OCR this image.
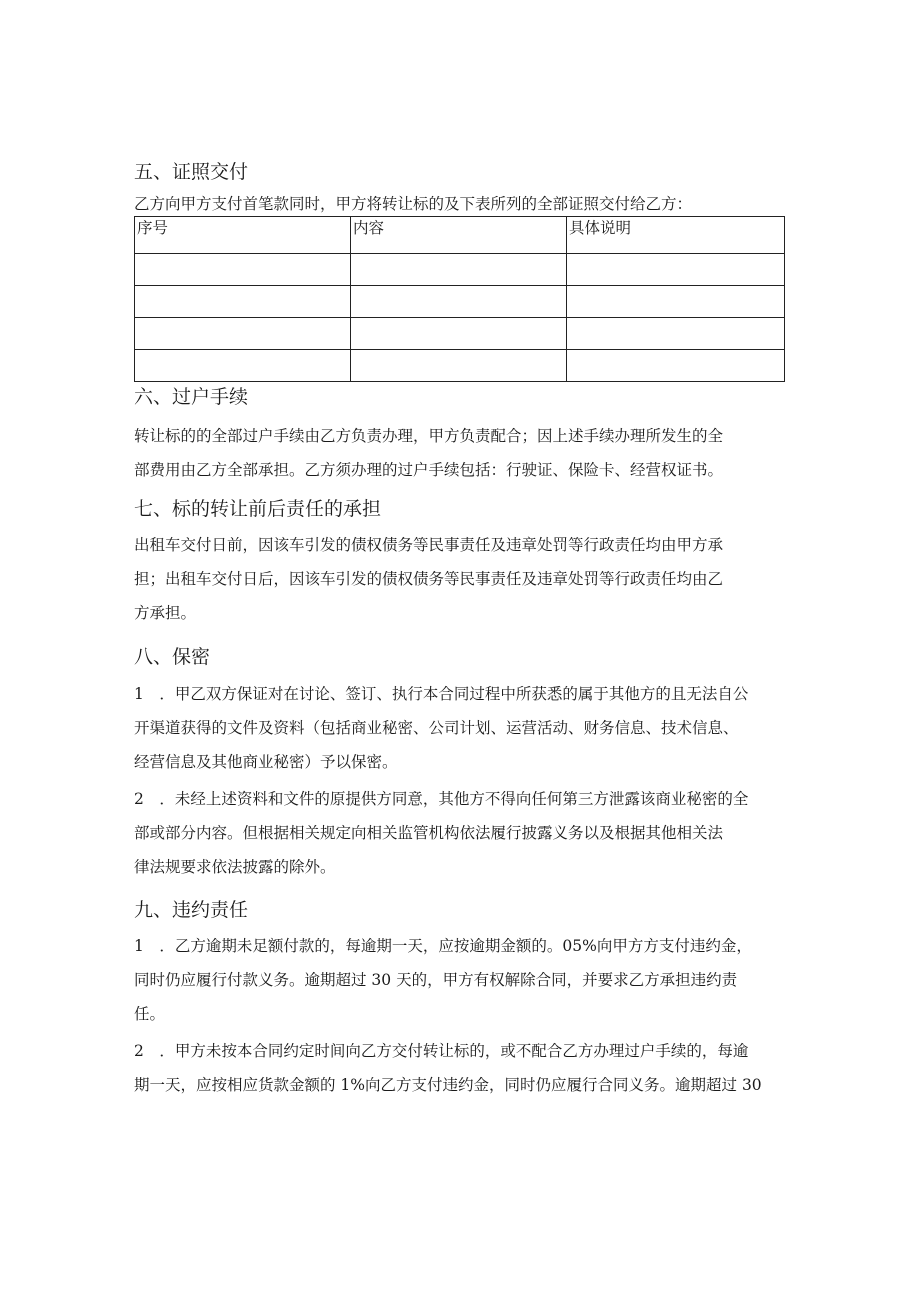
五、证照交付

乙方向甲方支付首笔款同时，甲方将转让标的及下表所列的全部证照交付给乙方：

序号	内容	具体说明

六、过户手续

转让标的的全部过户手续由乙方负责办理，甲方负责配合；因上述手续办理所发生的全

部费用由乙方全部承担。乙方须办理的过户手续包括：行驶证、保险卡、经营权证书。

七、标的转让前后责任的承担

出租车交付日前，因该车引发的债权债务等民事责任及违章处罚等行政责任均由甲方承

担；出租车交付日后，因该车引发的债权债务等民事责任及违章处罚等行政责任均由乙

方承担。

八、保密

1　．甲乙双方保证对在讨论、签订、执行本合同过程中所获悉的属于其他方的且无法自公

开渠道获得的文件及资料（包括商业秘密、公司计划、运营活动、财务信息、技术信息、

经营信息及其他商业秘密）予以保密。

2　．未经上述资料和文件的原提供方同意，其他方不得向任何第三方泄露该商业秘密的全

部或部分内容。但根据相关规定向相关监管机构依法履行披露义务以及根据其他相关法

律法规要求依法披露的除外。

九、违约责任

1　．乙方逾期未足额付款的，每逾期一天，应按逾期金额的。05%向甲方方支付违约金，

同时仍应履行付款义务。逾期超过 30 天的，甲方有权解除合同，并要求乙方承担违约责

任。

2　．甲方未按本合同约定时间向乙方交付转让标的，或不配合乙方办理过户手续的，每逾

期一天，应按相应货款金额的 1%向乙方支付违约金，同时仍应履行合同义务。逾期超过 30
